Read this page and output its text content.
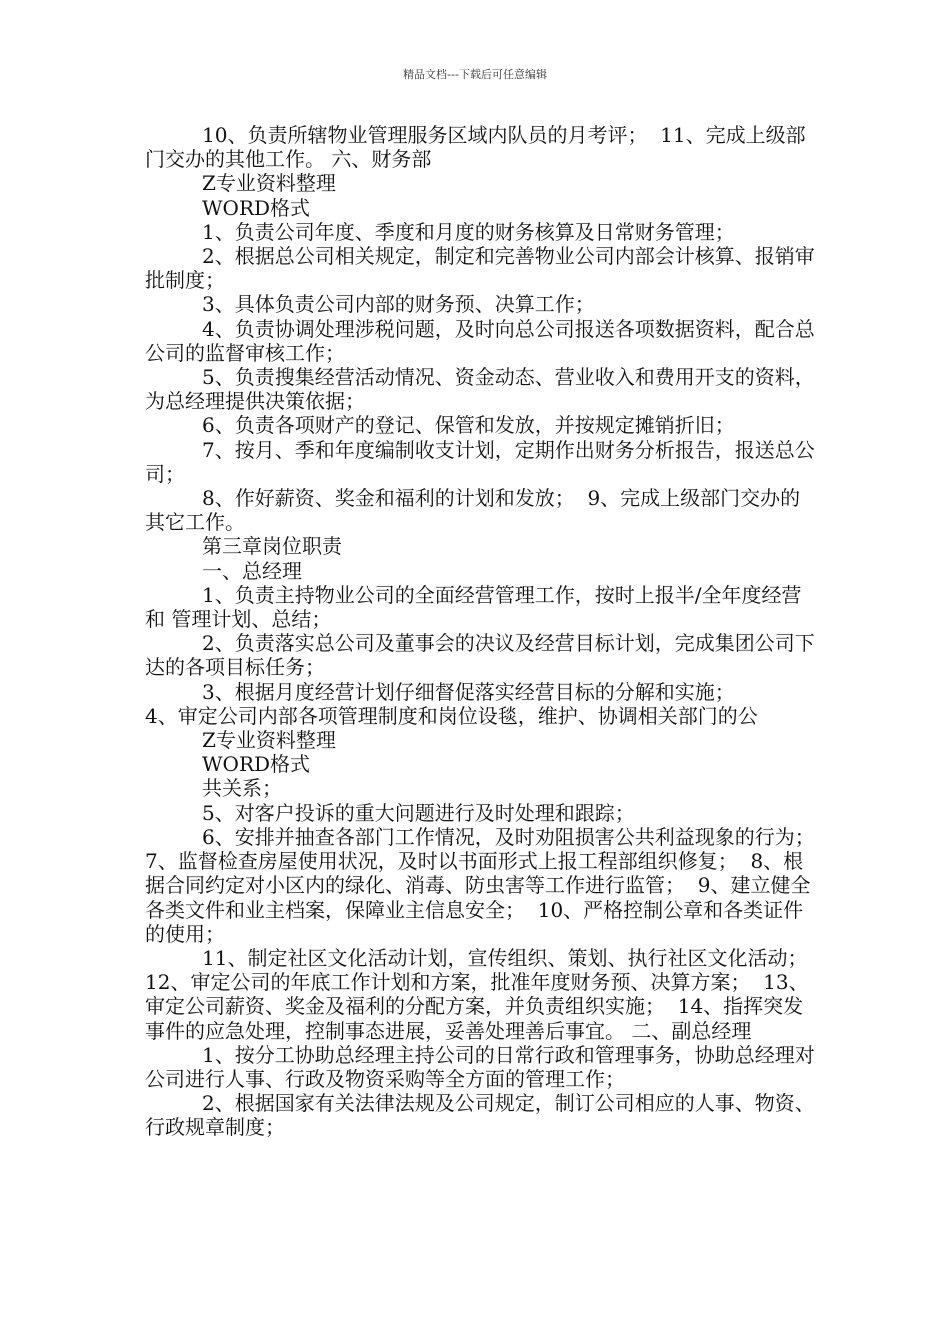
精品文档---下载后可任意编辑

10、负责所辖物业管理服务区域内队员的月考评；  11、完成上级部门交办的其他工作。 六、财务部

Z专业资料整理

WORD格式

1、负责公司年度、季度和月度的财务核算及日常财务管理；

2、根据总公司相关规定，制定和完善物业公司内部会计核算、报销审 批制度；

3、具体负责公司内部的财务预、决算工作；

4、负责协调处理涉税问题，及时向总公司报送各项数据资料，配合总 公司的监督审核工作；

5、负责搜集经营活动情况、资金动态、营业收入和费用开支的资料，  为总经理提供决策依据；

6、负责各项财产的登记、保管和发放，并按规定摊销折旧；

7、按月、季和年度编制收支计划，定期作出财务分析报告，报送总公 司；

8、作好薪资、奖金和福利的计划和发放；  9、完成上级部门交办的其它工作。

第三章岗位职责

一、总经理

1、负责主持物业公司的全面经营管理工作，按时上报半/全年度经营和 管理计划、总结；

2、负责落实总公司及董事会的决议及经营目标计划，完成集团公司下 达的各项目标任务；

3、根据月度经营计划仔细督促落实经营目标的分解和实施；

4、审定公司内部各项管理制度和岗位设毯，维护、协调相关部门的公

Z专业资料整理

WORD格式

共关系；

5、对客户投诉的重大问题进行及时处理和跟踪；

6、安排并抽查各部门工作情况，及时劝阻损害公共利益现象的行为；  7、监督检查房屋使用状况，及时以书面形式上报工程部组织修复；  8、根据合同约定对小区内的绿化、消毒、防虫害等工作进行监管；  9、建立健全各类文件和业主档案，保障业主信息安全；  10、严格控制公章和各类证件的使用；

11、制定社区文化活动计划，宣传组织、策划、执行社区文化活动；  12、审定公司的年底工作计划和方案，批准年度财务预、决算方案；  13、审定公司薪资、奖金及福利的分配方案，并负责组织实施；  14、指挥突发事件的应急处理，控制事态进展，妥善处理善后事宜。 二、副总经理

1、按分工协助总经理主持公司的日常行政和管理事务，协助总经理对 公司进行人事、行政及物资采购等全方面的管理工作；

2、根据国家有关法律法规及公司规定，制订公司相应的人事、物资、行政规章制度；
